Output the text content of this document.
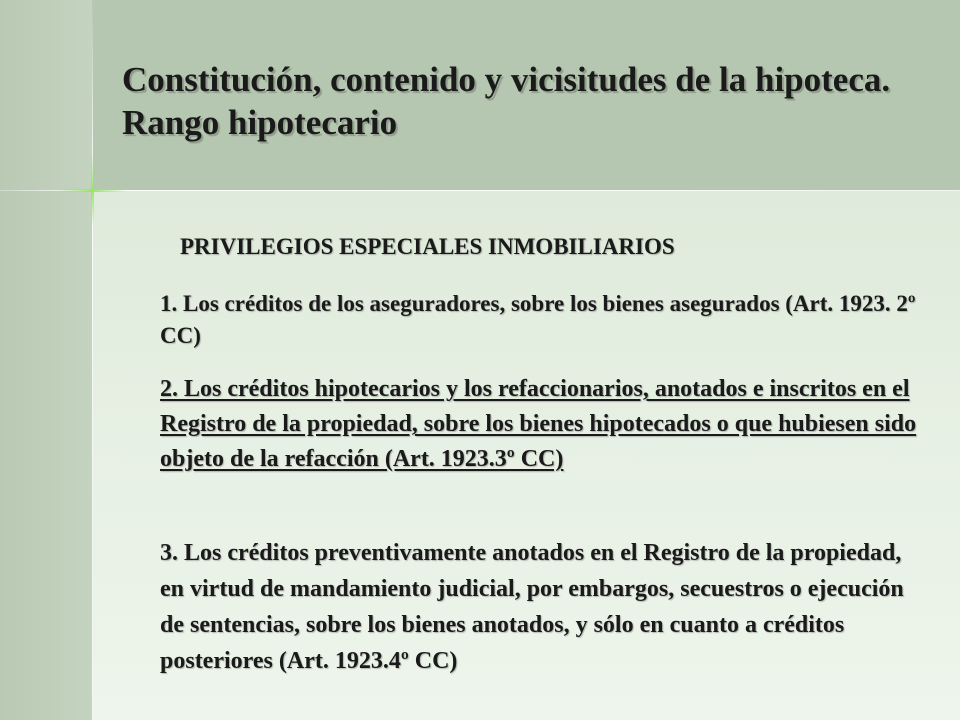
Constitución, contenido y vicisitudes de la hipoteca. Rango hipotecario
PRIVILEGIOS ESPECIALES INMOBILIARIOS

1. Los créditos de los aseguradores, sobre los bienes asegurados (Art. 1923. 2º CC)

2. Los créditos hipotecarios y los refaccionarios, anotados e inscritos en el Registro de la propiedad, sobre los bienes hipotecados o que hubiesen sido objeto de la refacción (Art. 1923.3º CC)

3. Los créditos preventivamente anotados en el Registro de la propiedad, en virtud de mandamiento judicial, por embargos, secuestros o ejecución de sentencias, sobre los bienes anotados, y sólo en cuanto a créditos posteriores (Art. 1923.4º CC)
